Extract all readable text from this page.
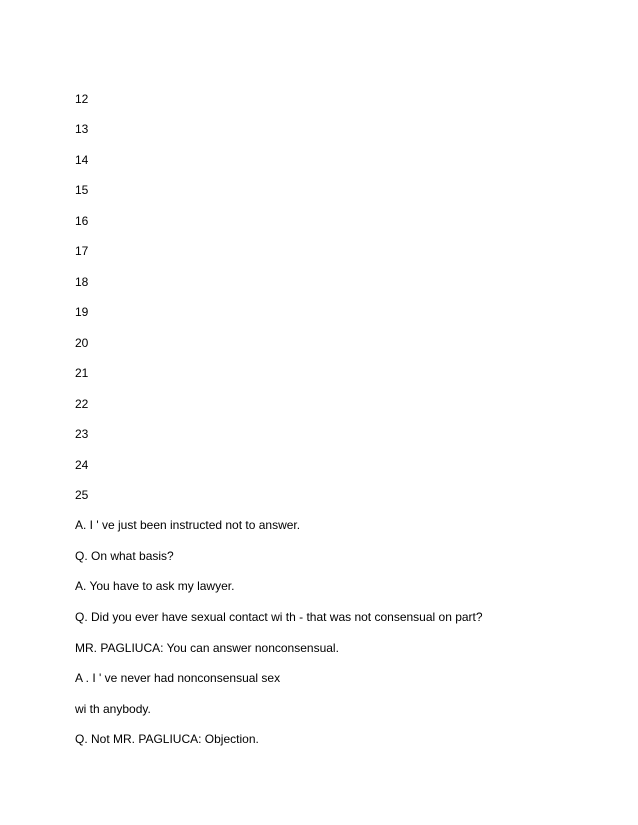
12
13
14
15
16
17
18
19
20
21
22
23
24
25
A. I ' ve just been instructed not to answer.
Q. On what basis?
A. You have to ask my lawyer.
Q. Did you ever have sexual contact wi th - that was not consensual on part?
MR. PAGLIUCA: You can answer nonconsensual.
A . I ' ve never had nonconsensual sex
wi th anybody.
Q. Not MR. PAGLIUCA: Objection.
